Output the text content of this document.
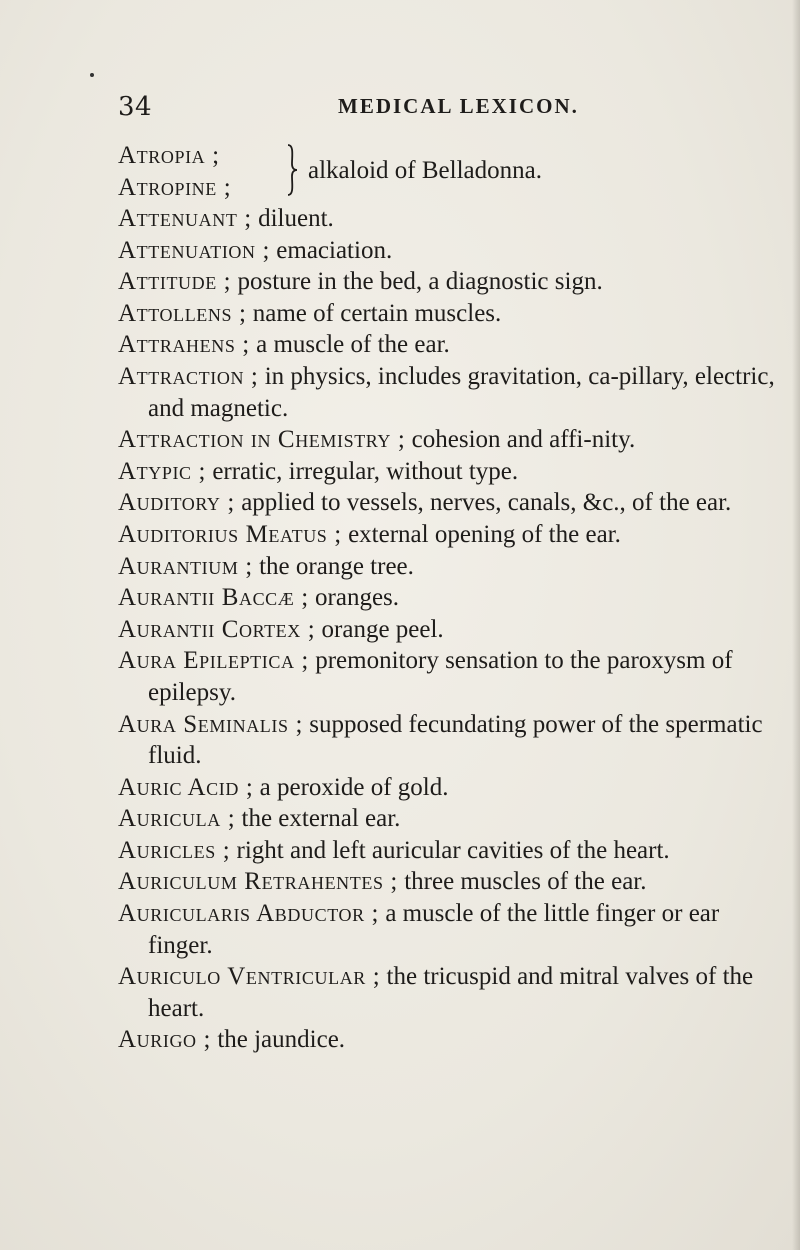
34	MEDICAL LEXICON.
Atropia ;
Atropine ;
alkaloid of Belladonna.

Attenuant ; diluent.

Attenuation ; emaciation.

Attitude ; posture in the bed, a diagnostic sign.

Attollens ; name of certain muscles.

Attrahens ; a muscle of the ear.

Attraction ; in physics, includes gravitation, ca-pillary, electric, and magnetic.

Attraction in Chemistry ; cohesion and affi-nity.

Atypic ; erratic, irregular, without type.

Auditory ; applied to vessels, nerves, canals, &c., of the ear.

Auditorius Meatus ; external opening of the ear.

Aurantium ; the orange tree.

Aurantii Baccæ ; oranges.

Aurantii Cortex ; orange peel.

Aura Epileptica ; premonitory sensation to the paroxysm of epilepsy.

Aura Seminalis ; supposed fecundating power of the spermatic fluid.

Auric Acid ; a peroxide of gold.

Auricula ; the external ear.

Auricles ; right and left auricular cavities of the heart.

Auriculum Retrahentes ; three muscles of the ear.

Auricularis Abductor ; a muscle of the little finger or ear finger.

Auriculo Ventricular ; the tricuspid and mitral valves of the heart.

Aurigo ; the jaundice.
